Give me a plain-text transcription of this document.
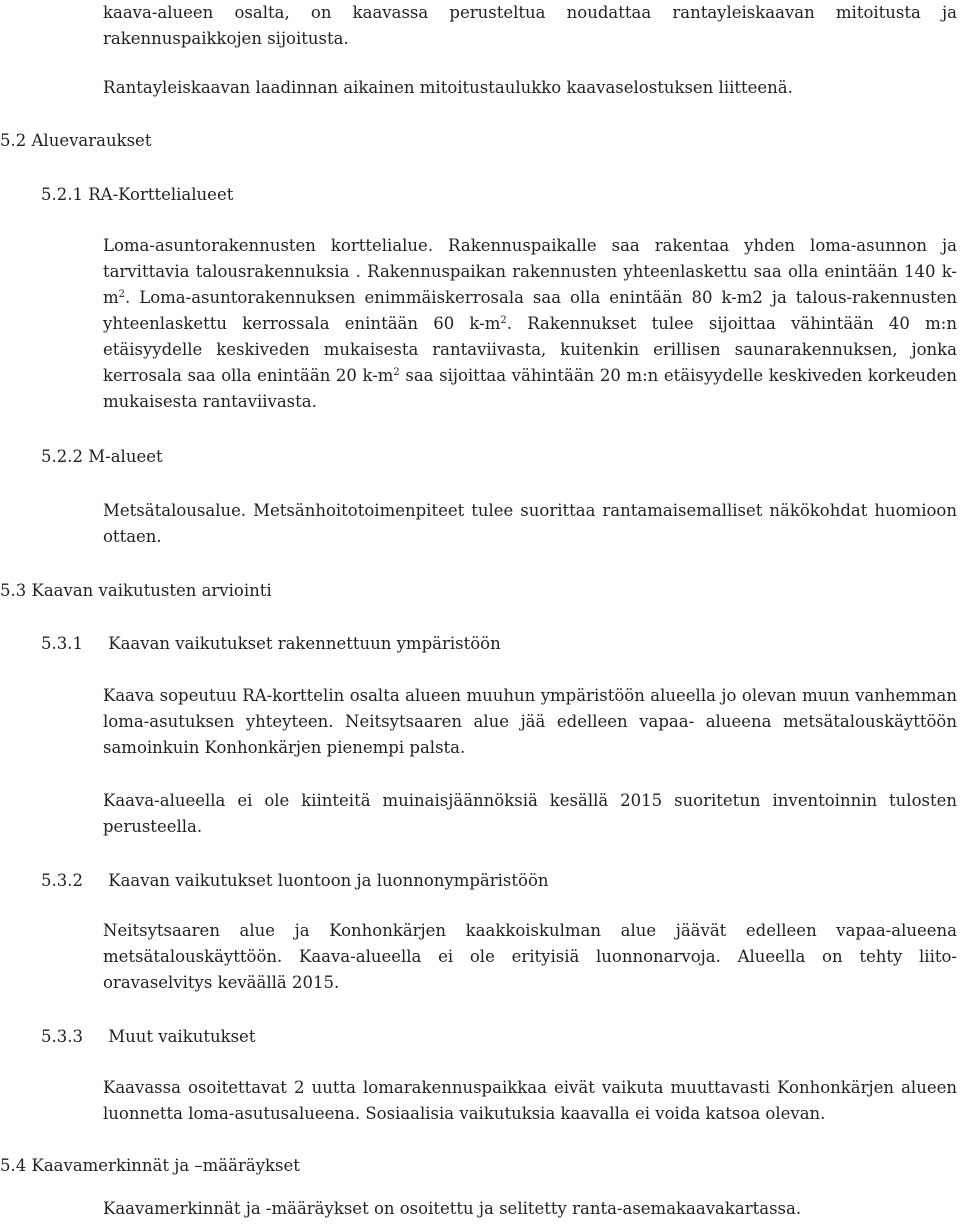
kaava-alueen osalta, on kaavassa perusteltua noudattaa rantayleiskaavan mitoitusta ja rakennuspaikkojen sijoitusta.

Rantayleiskaavan laadinnan aikainen mitoitustaulukko kaavaselostuksen liitteenä.

5.2 Aluevaraukset
5.2.1 RA-Korttelialueet

Loma-asuntorakennusten korttelialue. Rakennuspaikalle saa rakentaa yhden loma-asunnon ja tarvittavia talousrakennuksia . Rakennuspaikan rakennusten yhteenlaskettu saa olla enintään 140 $k-m^2$. Loma-asuntorakennuksen enimmäiskerrosala saa olla enintään 80 k-m2 ja talous-rakennusten yhteenlaskettu kerrossala enintään 60 $k-m^2$. Rakennukset tulee sijoittaa vähintään 40 m:n etäisyydelle keskiveden mukaisesta rantaviivasta, kuitenkin erillisen saunarakennuksen, jonka kerrosala saa olla enintään 20 $k-m^2$ saa sijoittaa vähintään 20 m:n etäisyydelle keskiveden korkeuden mukaisesta rantaviivasta.

5.2.2 M-alueet

Metsätalousalue. Metsänhoitotoimenpiteet tulee suorittaa rantamaisemalliset näkökohdat huomioon ottaen.

5.3 Kaavan vaikutusten arviointi
5.3.1 Kaavan vaikutukset rakennettuun ympäristöön

Kaava sopeutuu RA-korttelin osalta alueen muuhun ympäristöön alueella jo olevan muun vanhemman loma-asutuksen yhteyteen. Neitsytsaaren alue jää edelleen vapaa- alueena metsätalouskäyttöön samoinkuin Konhonkärjen pienempi palsta.

Kaava-alueella ei ole kiinteitä muinaisjäännöksiä kesällä 2015 suoritetun inventoinnin tulosten perusteella.

5.3.2 Kaavan vaikutukset luontoon ja luonnonympäristöön

Neitsytsaaren alue ja Konhonkärjen kaakkoiskulman alue jäävät edelleen vapaa-alueena metsätalouskäyttöön. Kaava-alueella ei ole erityisiä luonnonarvoja. Alueella on tehty liito-oravaselvitys keväällä 2015.

5.3.3 Muut vaikutukset

Kaavassa osoitettavat 2 uutta lomarakennuspaikkaa eivät vaikuta muuttavasti Konhonkärjen alueen luonnetta loma-asutusalueena. Sosiaalisia vaikutuksia kaavalla ei voida katsoa olevan.

5.4 Kaavamerkinnät ja –määräykset

Kaavamerkinnät ja -määräykset on osoitettu ja selitetty ranta-asemakaavakartassa.
